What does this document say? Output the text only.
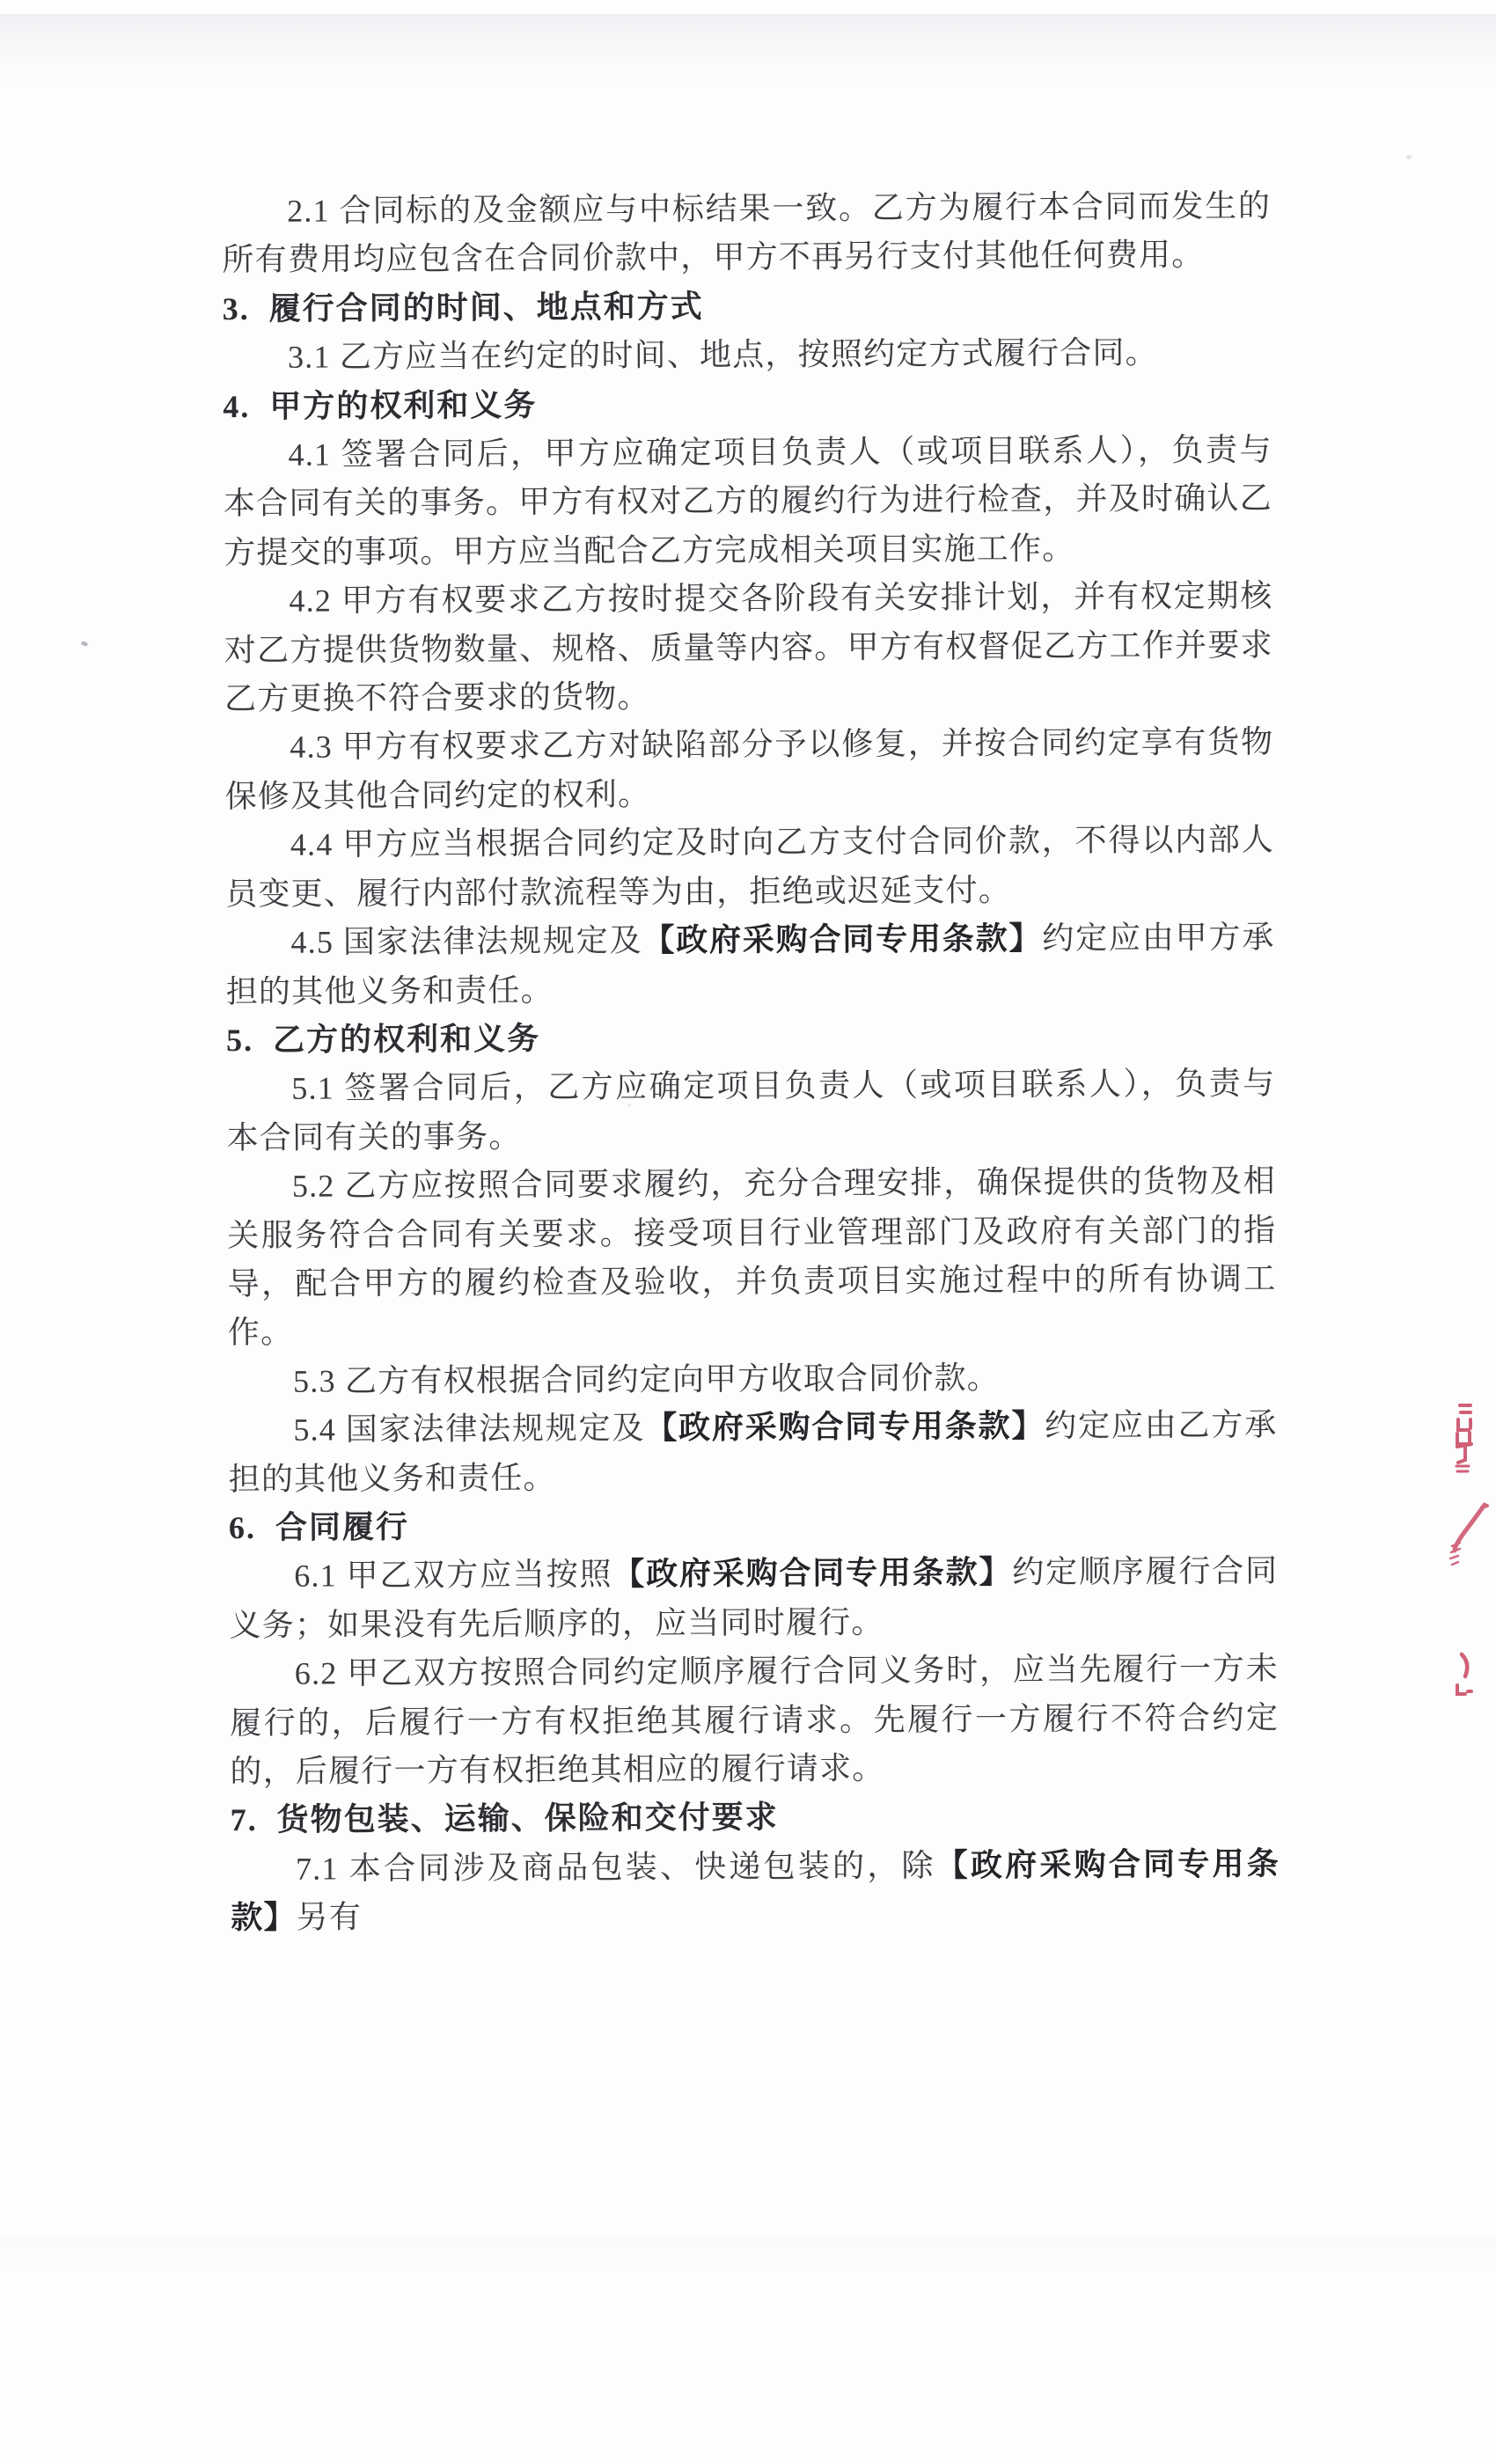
2.1 合同标的及金额应与中标结果一致。乙方为履行本合同而发生的所有费用均应包含在合同价款中，甲方不再另行支付其他任何费用。

3.  履行合同的时间、地点和方式

3.1 乙方应当在约定的时间、地点，按照约定方式履行合同。

4.  甲方的权利和义务

4.1 签署合同后，甲方应确定项目负责人（或项目联系人），负责与本合同有关的事务。甲方有权对乙方的履约行为进行检查，并及时确认乙方提交的事项。甲方应当配合乙方完成相关项目实施工作。

4.2 甲方有权要求乙方按时提交各阶段有关安排计划，并有权定期核对乙方提供货物数量、规格、质量等内容。甲方有权督促乙方工作并要求乙方更换不符合要求的货物。

4.3 甲方有权要求乙方对缺陷部分予以修复，并按合同约定享有货物保修及其他合同约定的权利。

4.4 甲方应当根据合同约定及时向乙方支付合同价款，不得以内部人员变更、履行内部付款流程等为由，拒绝或迟延支付。

4.5 国家法律法规规定及【政府采购合同专用条款】约定应由甲方承担的其他义务和责任。

5.  乙方的权利和义务

5.1 签署合同后，乙方应确定项目负责人（或项目联系人），负责与本合同有关的事务。

5.2 乙方应按照合同要求履约，充分合理安排，确保提供的货物及相关服务符合合同有关要求。接受项目行业管理部门及政府有关部门的指导，配合甲方的履约检查及验收，并负责项目实施过程中的所有协调工作。

5.3 乙方有权根据合同约定向甲方收取合同价款。

5.4 国家法律法规规定及【政府采购合同专用条款】约定应由乙方承担的其他义务和责任。

6.  合同履行

6.1 甲乙双方应当按照【政府采购合同专用条款】约定顺序履行合同义务；如果没有先后顺序的，应当同时履行。

6.2 甲乙双方按照合同约定顺序履行合同义务时，应当先履行一方未履行的，后履行一方有权拒绝其履行请求。先履行一方履行不符合约定的，后履行一方有权拒绝其相应的履行请求。

7.  货物包装、运输、保险和交付要求

7.1 本合同涉及商品包装、快递包装的，除【政府采购合同专用条款】另有
